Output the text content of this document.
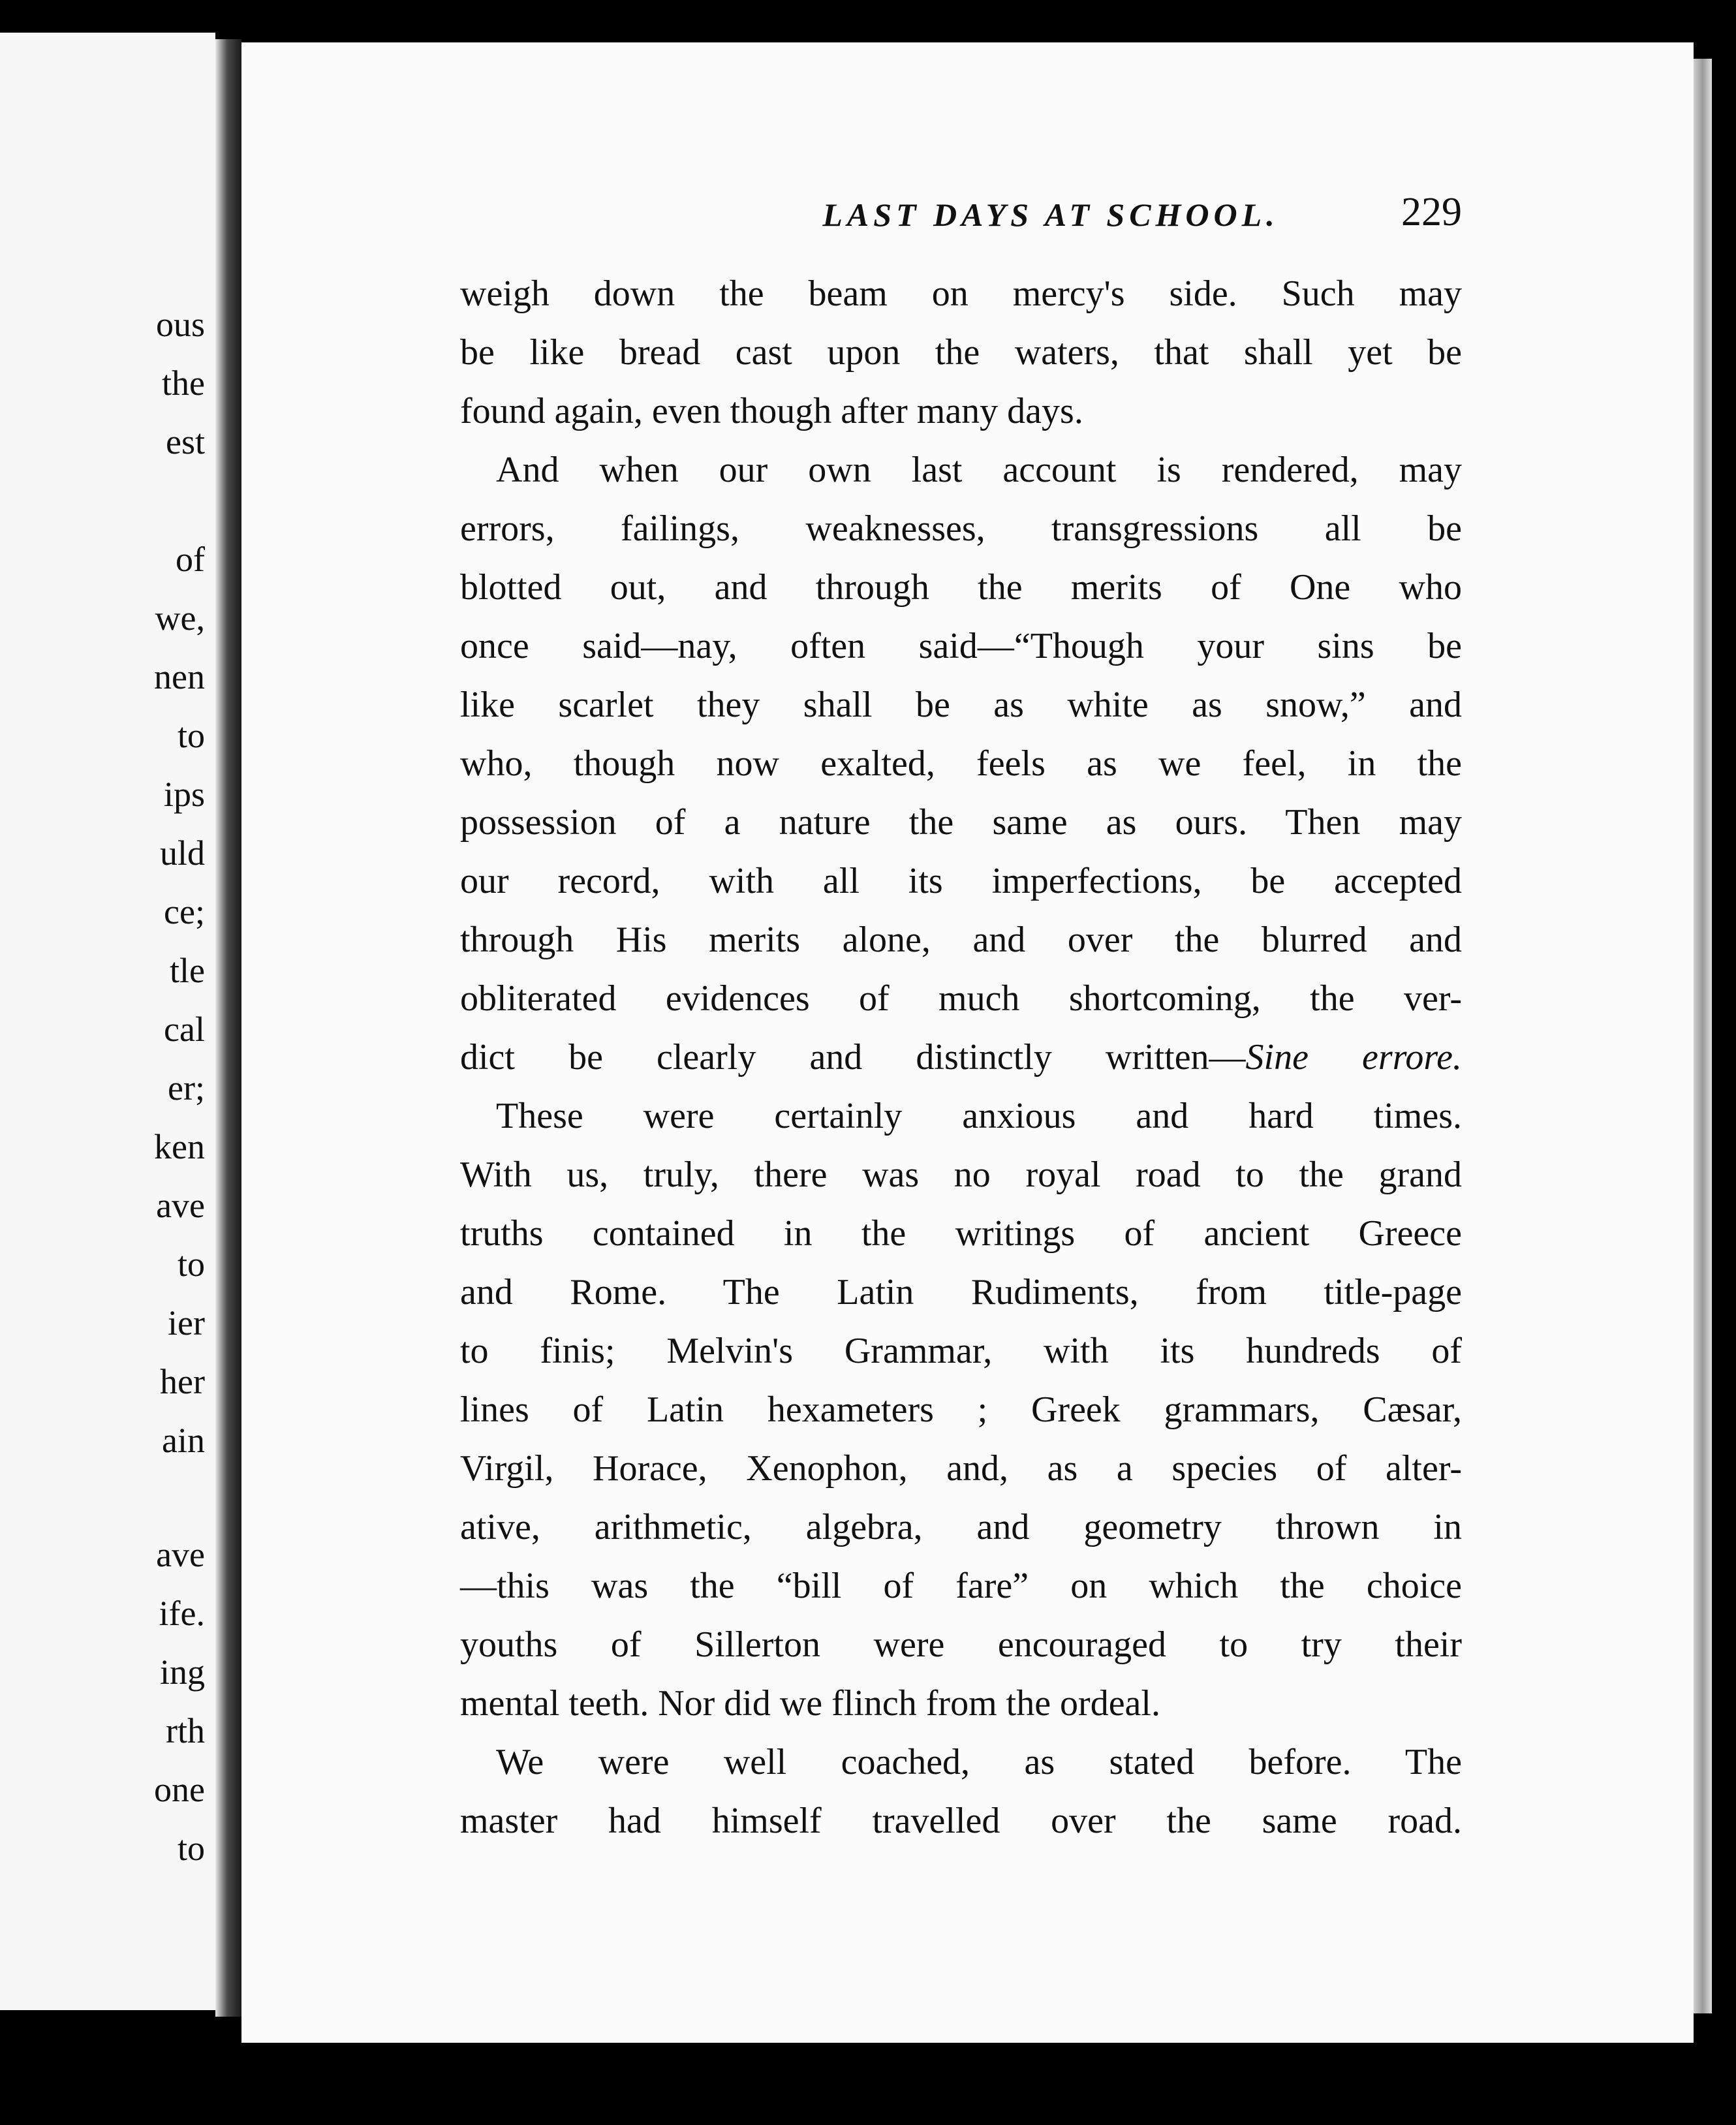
ous
the
est
of
we,
nen
to
ips
uld
ce;
tle
cal
er;
ken
ave
to
ier
her
ain
ave
ife.
ing
rth
one
to
LAST DAYS AT SCHOOL.	229
weigh down the beam on mercy's side. Such may
be like bread cast upon the waters, that shall yet be
found again, even though after many days.
And when our own last account is rendered, may
errors, failings, weaknesses, transgressions all be
blotted out, and through the merits of One who
once said—nay, often said—“Though your sins be
like scarlet they shall be as white as snow,” and
who, though now exalted, feels as we feel, in the
possession of a nature the same as ours. Then may
our record, with all its imperfections, be accepted
through His merits alone, and over the blurred and
obliterated evidences of much shortcoming, the ver-
dict be clearly and distinctly written—Sine errore.
These were certainly anxious and hard times.
With us, truly, there was no royal road to the grand
truths contained in the writings of ancient Greece
and Rome. The Latin Rudiments, from title-page
to finis; Melvin's Grammar, with its hundreds of
lines of Latin hexameters ; Greek grammars, Cæsar,
Virgil, Horace, Xenophon, and, as a species of alter-
ative, arithmetic, algebra, and geometry thrown in
—this was the “bill of fare” on which the choice
youths of Sillerton were encouraged to try their
mental teeth. Nor did we flinch from the ordeal.
We were well coached, as stated before. The
master had himself travelled over the same road.
